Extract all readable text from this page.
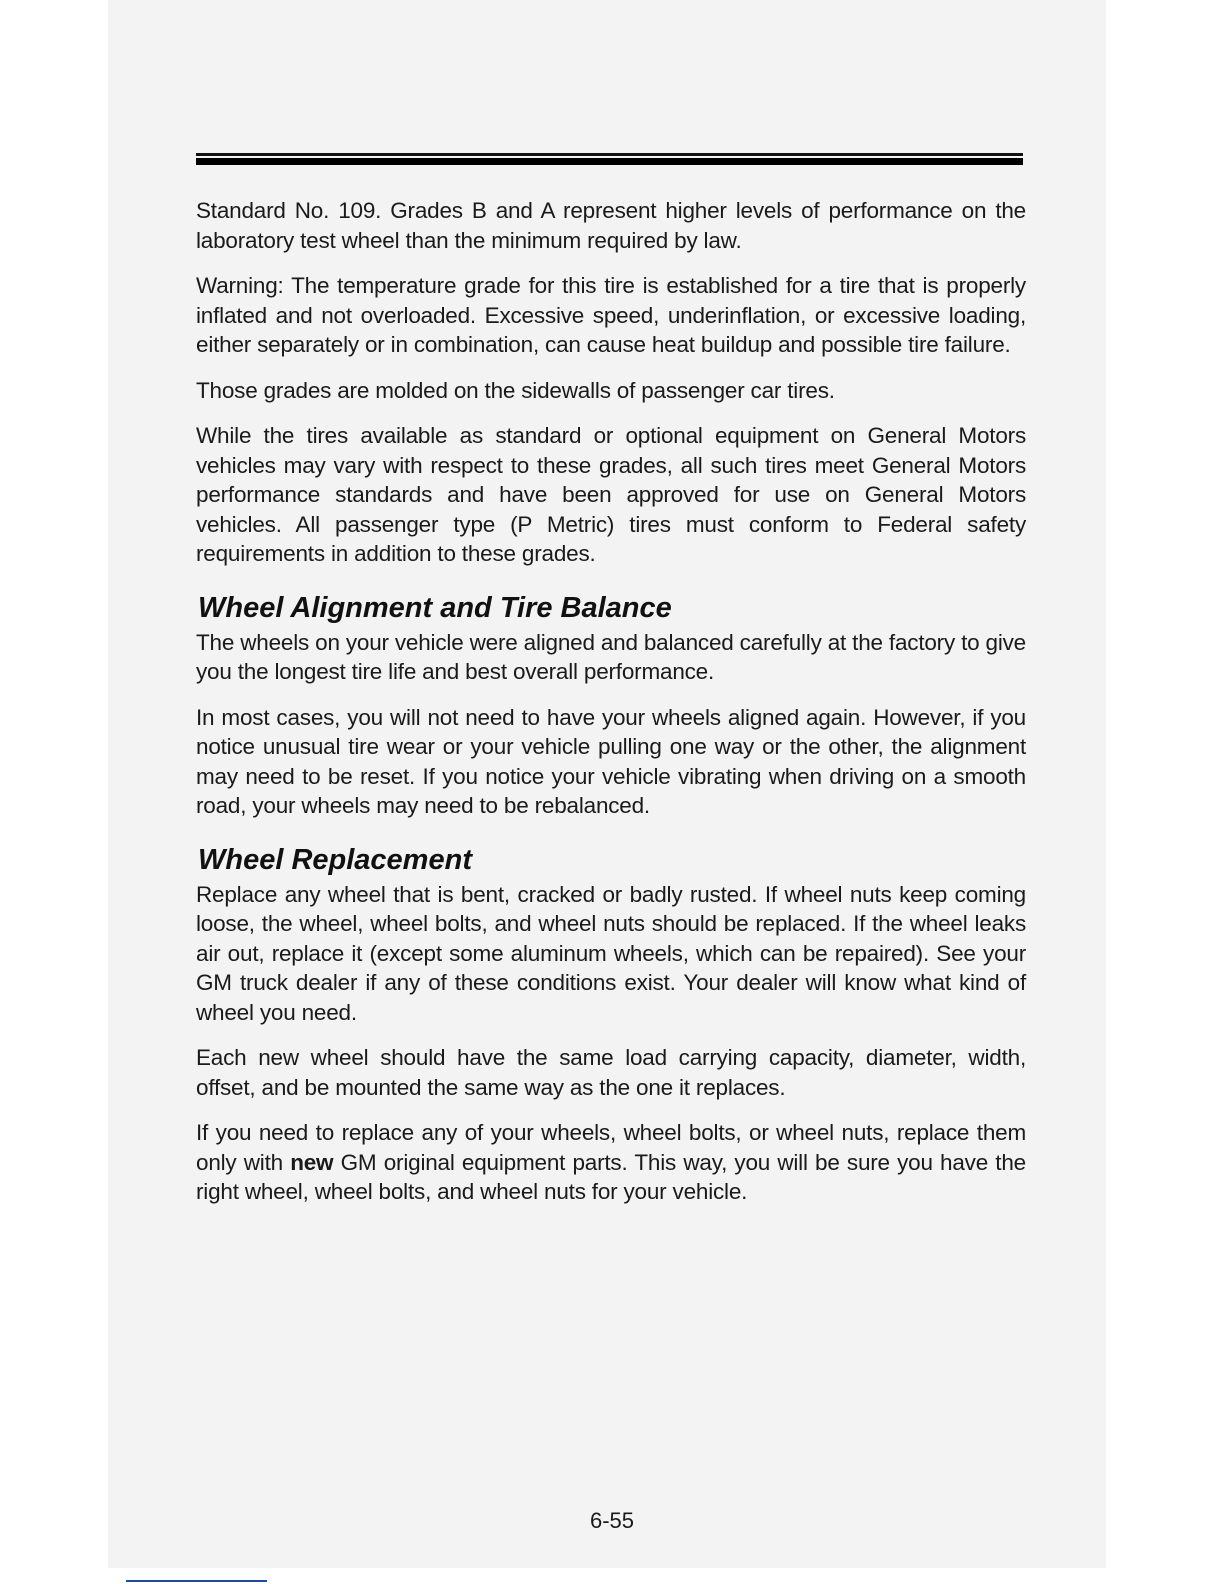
Standard No. 109. Grades B and A represent higher levels of performance on the laboratory test wheel than the minimum required by law.

Warning: The temperature grade for this tire is established for a tire that is properly inflated and not overloaded. Excessive speed, underinflation, or excessive loading, either separately or in combination, can cause heat buildup and possible tire failure.

Those grades are molded on the sidewalls of passenger car tires.

While the tires available as standard or optional equipment on General Motors vehicles may vary with respect to these grades, all such tires meet General Motors performance standards and have been approved for use on General Motors vehicles. All passenger type (P Metric) tires must conform to Federal safety requirements in addition to these grades.

Wheel Alignment and Tire Balance

The wheels on your vehicle were aligned and balanced carefully at the factory to give you the longest tire life and best overall performance.

In most cases, you will not need to have your wheels aligned again. However, if you notice unusual tire wear or your vehicle pulling one way or the other, the alignment may need to be reset. If you notice your vehicle vibrating when driving on a smooth road, your wheels may need to be rebalanced.

Wheel Replacement

Replace any wheel that is bent, cracked or badly rusted. If wheel nuts keep coming loose, the wheel, wheel bolts, and wheel nuts should be replaced. If the wheel leaks air out, replace it (except some aluminum wheels, which can be repaired). See your GM truck dealer if any of these conditions exist. Your dealer will know what kind of wheel you need.

Each new wheel should have the same load carrying capacity, diameter, width, offset, and be mounted the same way as the one it replaces.

If you need to replace any of your wheels, wheel bolts, or wheel nuts, replace them only with new GM original equipment parts. This way, you will be sure you have the right wheel, wheel bolts, and wheel nuts for your vehicle.

6-55
